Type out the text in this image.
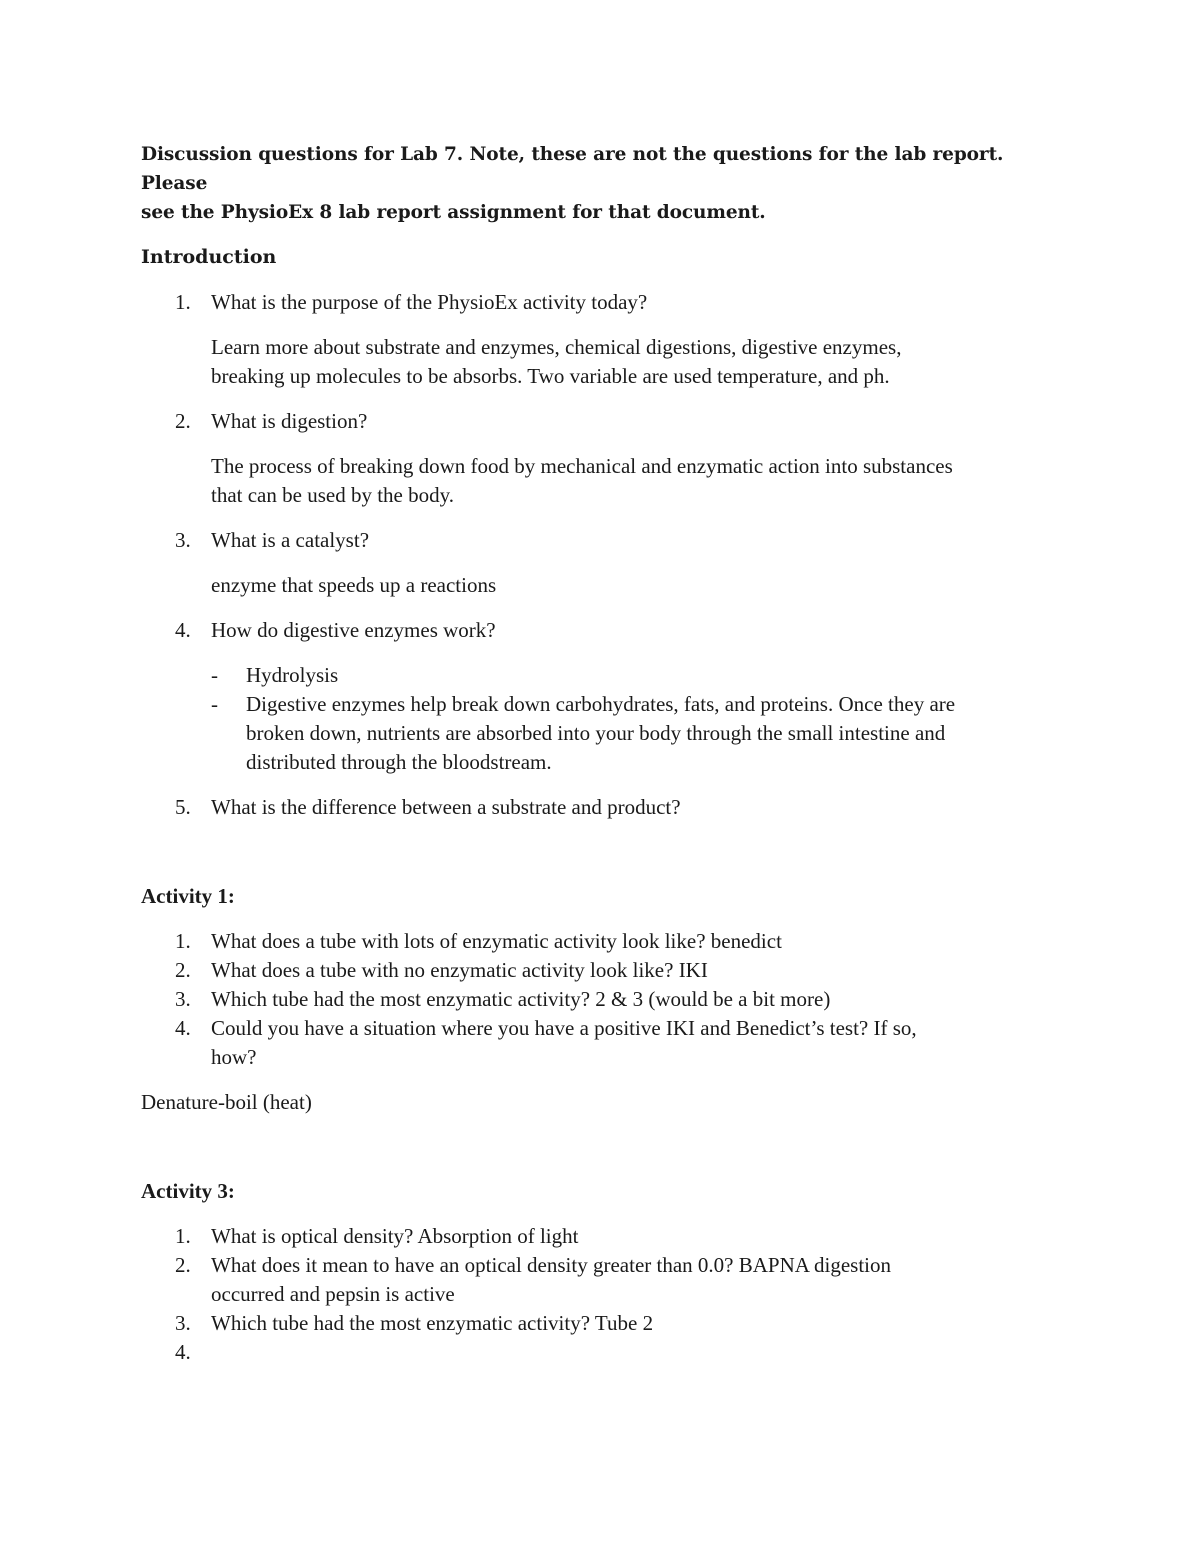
Discussion questions for Lab 7. Note, these are not the questions for the lab report. Please
see the PhysioEx 8 lab report assignment for that document.
Introduction
1. What is the purpose of the PhysioEx activity today?
Learn more about substrate and enzymes, chemical digestions, digestive enzymes,
breaking up molecules to be absorbs. Two variable are used temperature, and ph.
2. What is digestion?
The process of breaking down food by mechanical and enzymatic action into substances
that can be used by the body.
3. What is a catalyst?
enzyme that speeds up a reactions
4. How do digestive enzymes work?
-	Hydrolysis
-	Digestive enzymes help break down carbohydrates, fats, and proteins. Once they are
broken down, nutrients are absorbed into your body through the small intestine and
distributed through the bloodstream.
5. What is the difference between a substrate and product?
Activity 1:
1. What does a tube with lots of enzymatic activity look like? benedict
2. What does a tube with no enzymatic activity look like? IKI
3. Which tube had the most enzymatic activity? 2 & 3 (would be a bit more)
4. Could you have a situation where you have a positive IKI and Benedict’s test? If so,
how?
Denature-boil (heat)
Activity 3:
1. What is optical density? Absorption of light
2. What does it mean to have an optical density greater than 0.0? BAPNA digestion
occurred and pepsin is active
3. Which tube had the most enzymatic activity? Tube 2
4.
